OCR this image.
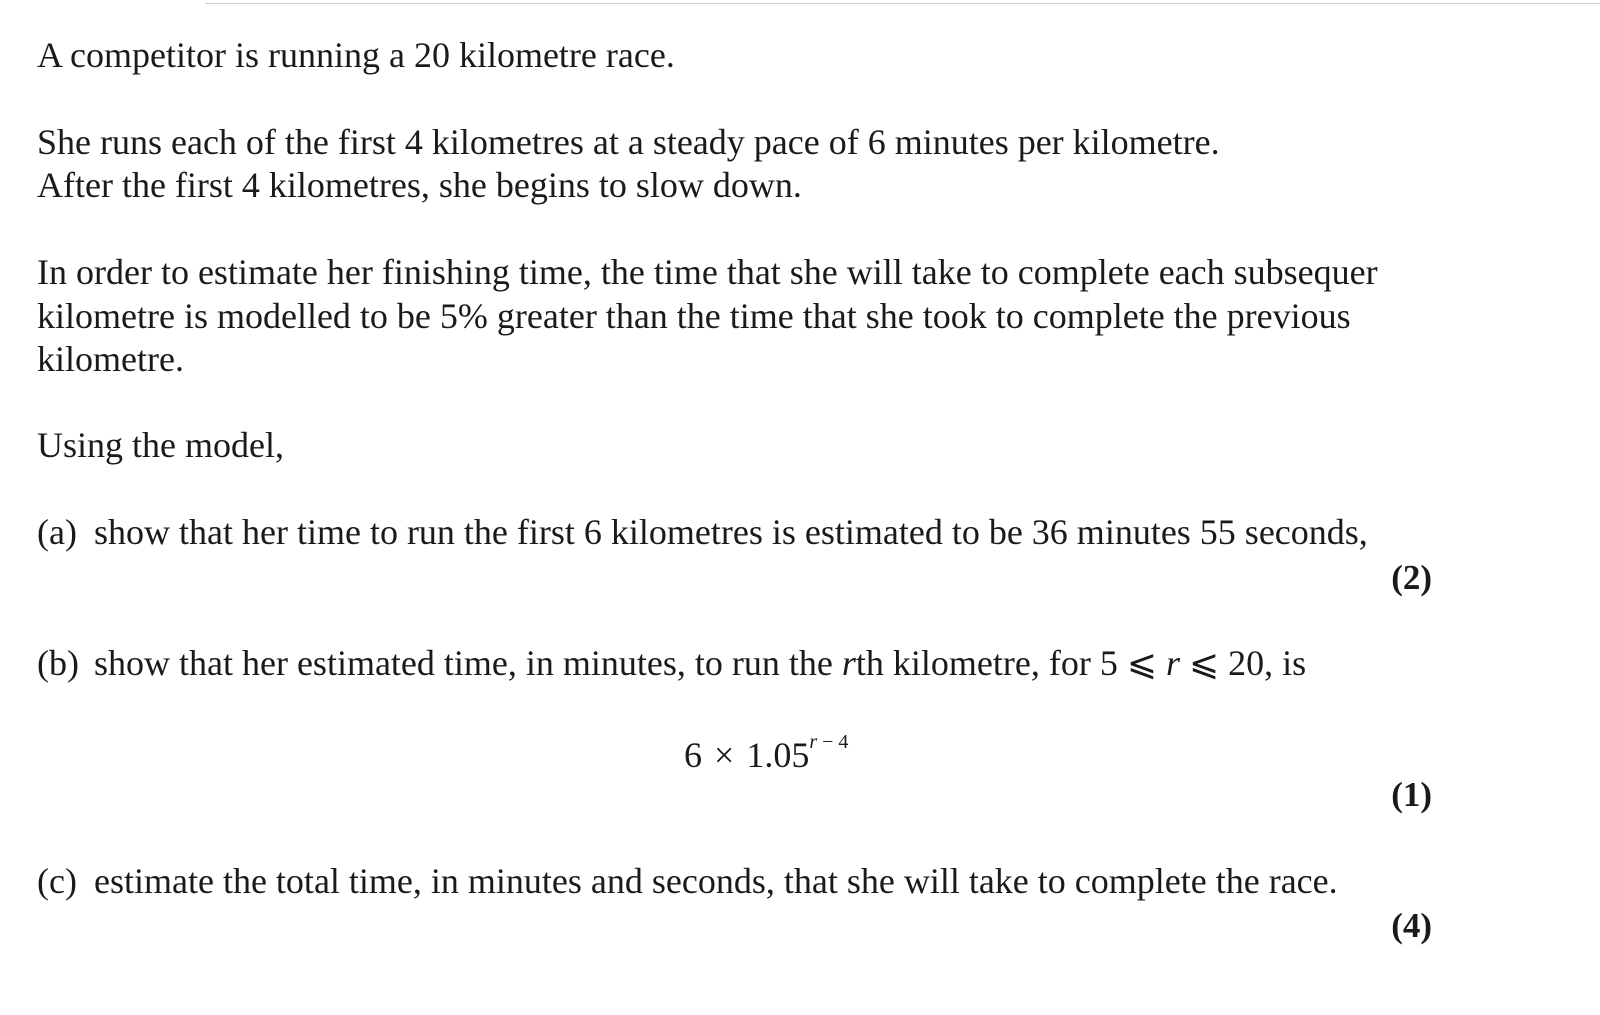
A competitor is running a 20 kilometre race.
She runs each of the first 4 kilometres at a steady pace of 6 minutes per kilometre.
After the first 4 kilometres, she begins to slow down.
In order to estimate her finishing time, the time that she will take to complete each subsequer
kilometre is modelled to be 5% greater than the time that she took to complete the previous
kilometre.
Using the model,
(a) show that her time to run the first 6 kilometres is estimated to be 36 minutes 55 seconds,
(2)
(b) show that her estimated time, in minutes, to run the rth kilometre, for 5 ⩽ r ⩽ 20, is
$6 \times 1.05^{r - 4}$
(1)
(c) estimate the total time, in minutes and seconds, that she will take to complete the race.
(4)
